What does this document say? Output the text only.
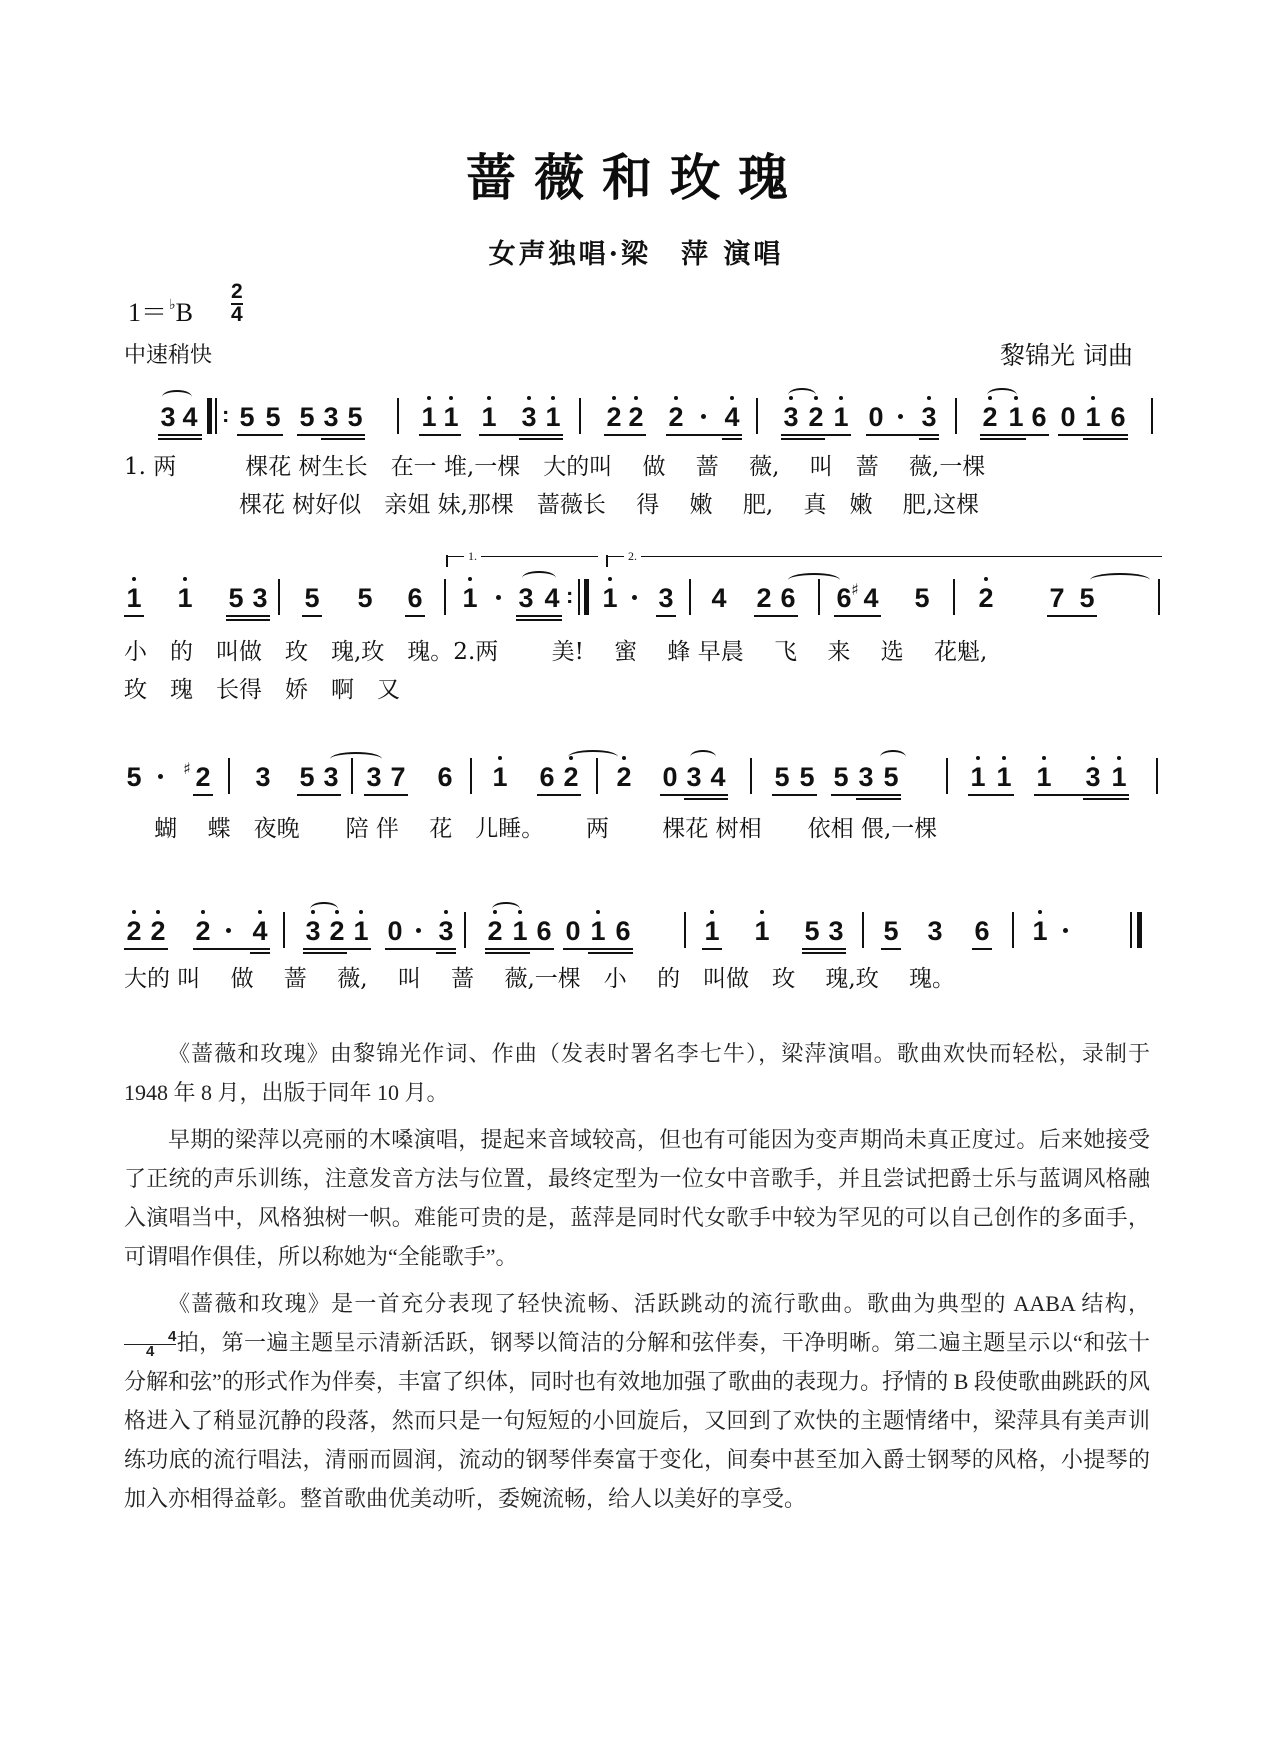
蔷薇和玫瑰
女声独唱·梁　萍 演唱
$1= ^♭B \frac{2}{4}$
中速稍快	黎锦光 词曲
3 4 : 5 5 5 3 5 1 1 1 3 1 2 2 2 4 3 2 1 0 3 2 1 6 0 1 6
1. 两　　　棵花 树生长　在一 堆,一棵　大的叫　 做　 蔷　 薇,　 叫　蔷　 薇,一棵
　　　　　棵花 树好似　亲姐 妹,那棵　蔷薇长　 得　 嫩　 肥,　 真　嫩　 肥,这棵
1.	2.
1 1 5 3 5 5 6 1 3 4 : 1 3 4 2 6 6 ♯ 4 5 2 7 5
小　的　叫做　玫　瑰,玫　瑰。2.两　　 美!　 蜜　 蜂 早晨　 飞　 来　 选　 花魁,
玫　瑰　长得　娇　啊　又
5	♯ 2 3 5 3 3 7 6 1 6 2 2 0 3 4 5 5 5 3 5	1 1 1 3 1
　 蝴　 蝶　夜晚　　陪 伴　 花　儿睡。　　 两　　 棵花 树相　　依相 偎,一棵
2 2 2 4 3 2 1 0 3 2 1 6 0 1 6	1 1 5 3 5 3 6 1
大的 叫　 做　 蔷　 薇,　 叫　 蔷　 薇,一棵　小　 的　叫做　玫　 瑰,玫　 瑰。

《蔷薇和玫瑰》由黎锦光作词、作曲（发表时署名李七牛），梁萍演唱。歌曲欢快而轻松，录制于 1948 年 8 月，出版于同年 10 月。

早期的梁萍以亮丽的木嗓演唱，提起来音域较高，但也有可能因为变声期尚未真正度过。后来她接受了正统的声乐训练，注意发音方法与位置，最终定型为一位女中音歌手，并且尝试把爵士乐与蓝调风格融入演唱当中，风格独树一帜。难能可贵的是，蓝萍是同时代女歌手中较为罕见的可以自己创作的多面手，可谓唱作俱佳，所以称她为“全能歌手”。

《蔷薇和玫瑰》是一首充分表现了轻快流畅、活跃跳动的流行歌曲。歌曲为典型的 AABA 结构，
$\frac{4}{4}$拍，第一遍主题呈示清新活跃，钢琴以简洁的分解和弦伴奏，干净明晰。第二遍主题呈示以“和弦十分解和弦”的形式作为伴奏，丰富了织体，同时也有效地加强了歌曲的表现力。抒情的 B 段使歌曲跳跃的风格进入了稍显沉静的段落，然而只是一句短短的小回旋后，又回到了欢快的主题情绪中，梁萍具有美声训练功底的流行唱法，清丽而圆润，流动的钢琴伴奏富于变化，间奏中甚至加入爵士钢琴的风格，小提琴的加入亦相得益彰。整首歌曲优美动听，委婉流畅，给人以美好的享受。
